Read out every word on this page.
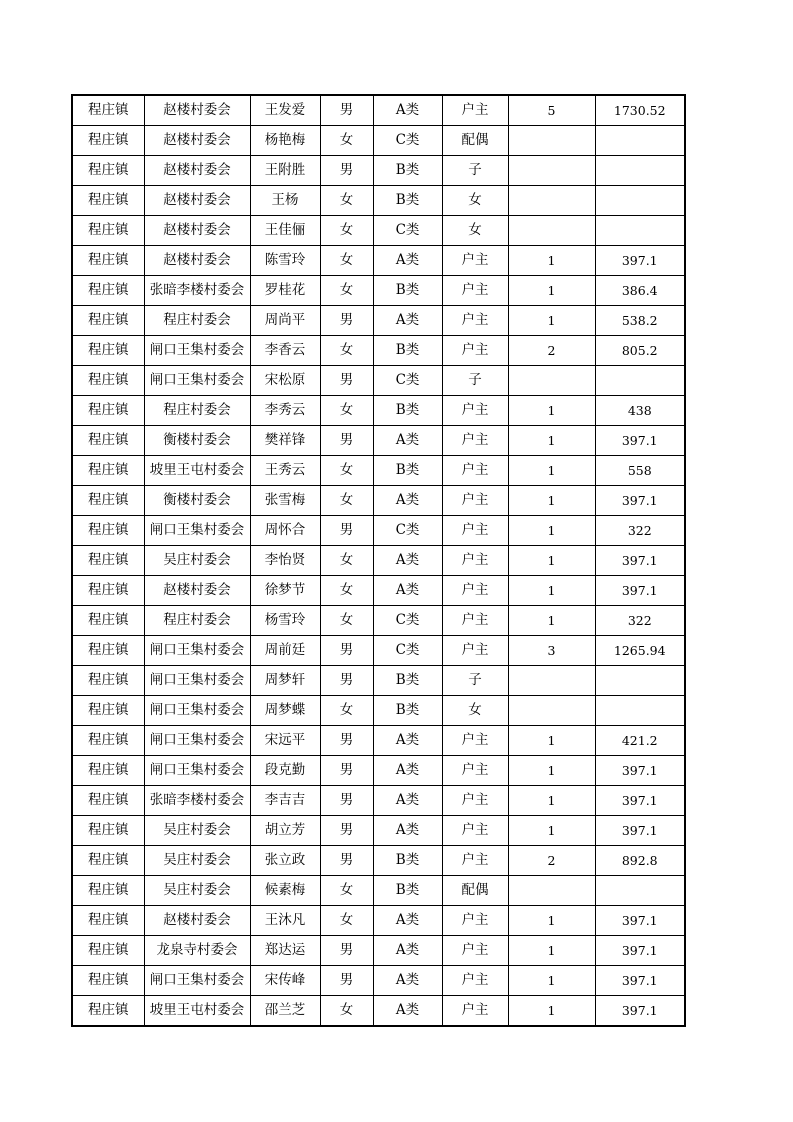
程庄镇	赵楼村委会	王发爱	男	A类	户主	5	1730.52
程庄镇	赵楼村委会	杨艳梅	女	C类	配偶		
程庄镇	赵楼村委会	王附胜	男	B类	子		
程庄镇	赵楼村委会	王杨	女	B类	女		
程庄镇	赵楼村委会	王佳俪	女	C类	女		
程庄镇	赵楼村委会	陈雪玲	女	A类	户主	1	397.1
程庄镇	张暗李楼村委会	罗桂花	女	B类	户主	1	386.4
程庄镇	程庄村委会	周尚平	男	A类	户主	1	538.2
程庄镇	闸口王集村委会	李香云	女	B类	户主	2	805.2
程庄镇	闸口王集村委会	宋松原	男	C类	子		
程庄镇	程庄村委会	李秀云	女	B类	户主	1	438
程庄镇	衡楼村委会	樊祥锋	男	A类	户主	1	397.1
程庄镇	坡里王屯村委会	王秀云	女	B类	户主	1	558
程庄镇	衡楼村委会	张雪梅	女	A类	户主	1	397.1
程庄镇	闸口王集村委会	周怀合	男	C类	户主	1	322
程庄镇	吴庄村委会	李怡贤	女	A类	户主	1	397.1
程庄镇	赵楼村委会	徐梦节	女	A类	户主	1	397.1
程庄镇	程庄村委会	杨雪玲	女	C类	户主	1	322
程庄镇	闸口王集村委会	周前廷	男	C类	户主	3	1265.94
程庄镇	闸口王集村委会	周梦轩	男	B类	子		
程庄镇	闸口王集村委会	周梦蝶	女	B类	女		
程庄镇	闸口王集村委会	宋远平	男	A类	户主	1	421.2
程庄镇	闸口王集村委会	段克勤	男	A类	户主	1	397.1
程庄镇	张暗李楼村委会	李吉吉	男	A类	户主	1	397.1
程庄镇	吴庄村委会	胡立芳	男	A类	户主	1	397.1
程庄镇	吴庄村委会	张立政	男	B类	户主	2	892.8
程庄镇	吴庄村委会	候素梅	女	B类	配偶		
程庄镇	赵楼村委会	王沐凡	女	A类	户主	1	397.1
程庄镇	龙泉寺村委会	郑达运	男	A类	户主	1	397.1
程庄镇	闸口王集村委会	宋传峰	男	A类	户主	1	397.1
程庄镇	坡里王屯村委会	邵兰芝	女	A类	户主	1	397.1
